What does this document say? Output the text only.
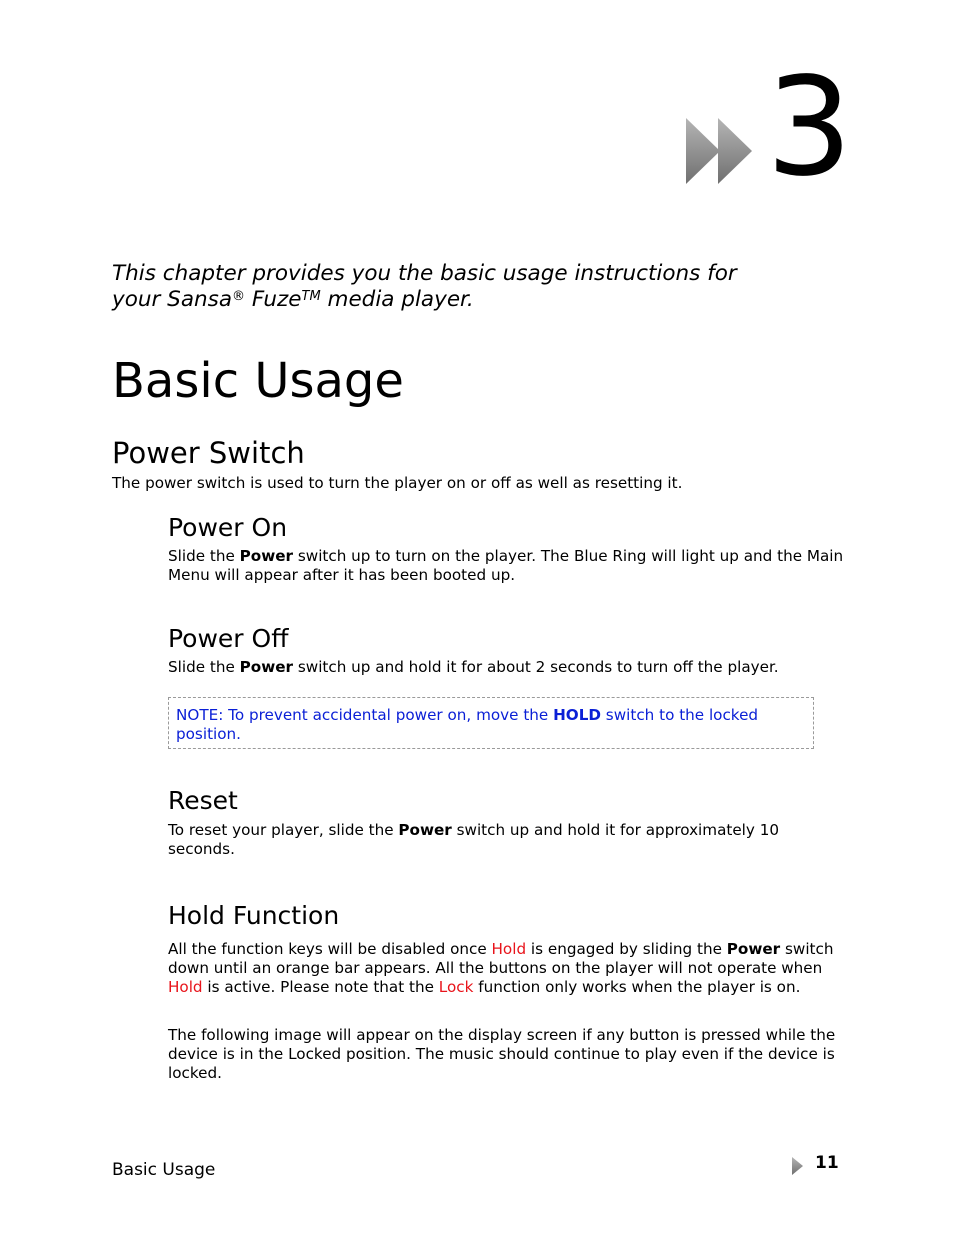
3
This chapter provides you the basic usage instructions for
your Sansa® Fuze™ media player.
Basic Usage
Power Switch
The power switch is used to turn the player on or off as well as resetting it.
Power On
Slide the Power switch up to turn on the player. The Blue Ring will light up and the Main Menu will appear after it has been booted up.
Power Off
Slide the Power switch up and hold it for about 2 seconds to turn off the player.
NOTE: To prevent accidental power on, move the HOLD switch to the locked position.
Reset
To reset your player, slide the Power switch up and hold it for approximately 10 seconds.
Hold Function
All the function keys will be disabled once Hold is engaged by sliding the Power switch down until an orange bar appears. All the buttons on the player will not operate when Hold is active. Please note that the Lock function only works when the player is on.
The following image will appear on the display screen if any button is pressed while the device is in the Locked position. The music should continue to play even if the device is locked.
Basic Usage	11
